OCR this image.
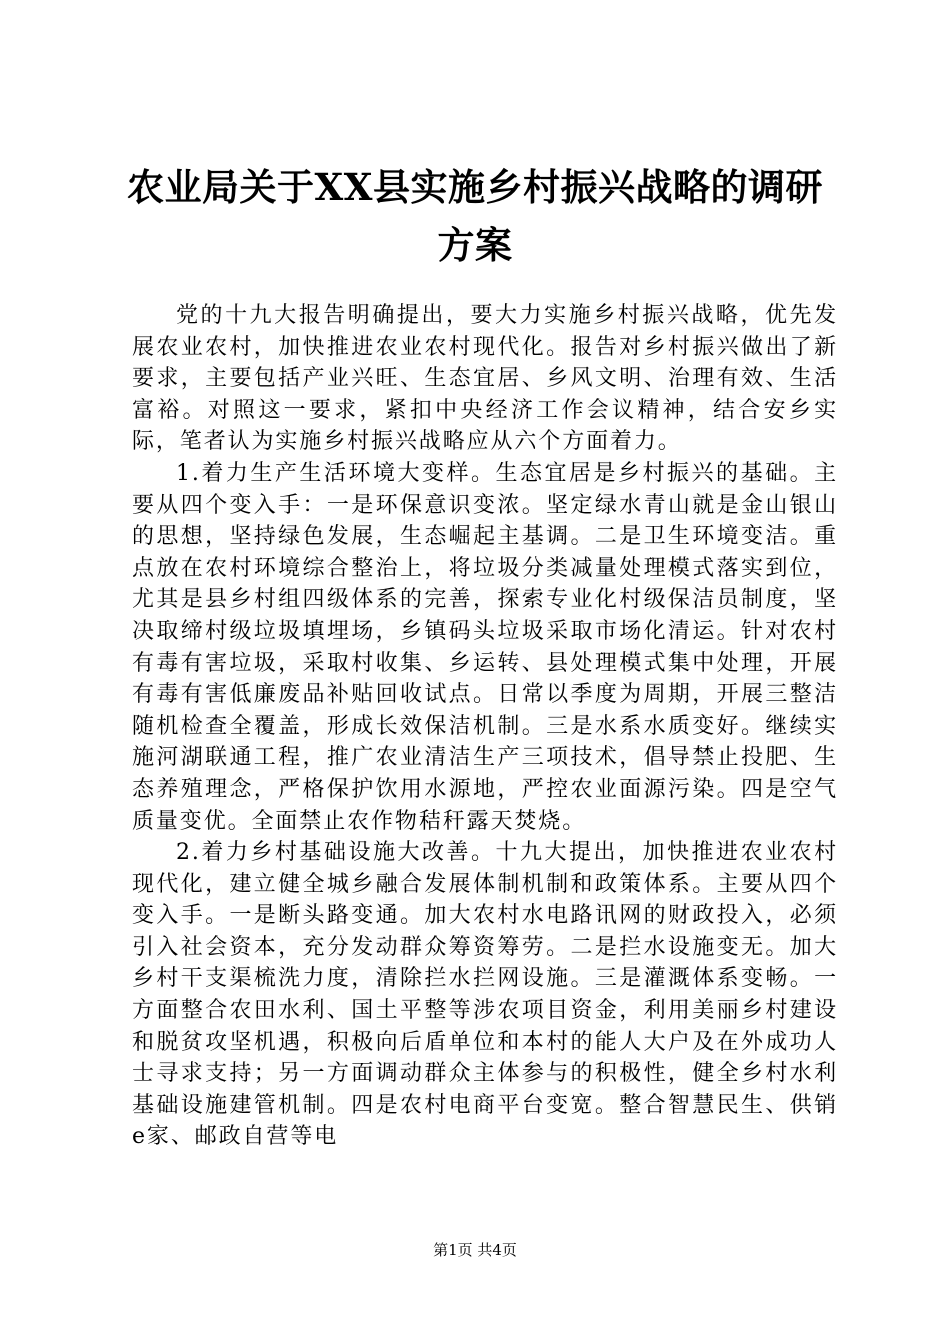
农业局关于XX县实施乡村振兴战略的调研方案

党的十九大报告明确提出，要大力实施乡村振兴战略，优先发展农业农村，加快推进农业农村现代化。报告对乡村振兴做出了新要求，主要包括产业兴旺、生态宜居、乡风文明、治理有效、生活富裕。对照这一要求，紧扣中央经济工作会议精神，结合安乡实际，笔者认为实施乡村振兴战略应从六个方面着力。

1.着力生产生活环境大变样。生态宜居是乡村振兴的基础。主要从四个变入手：一是环保意识变浓。坚定绿水青山就是金山银山的思想，坚持绿色发展，生态崛起主基调。二是卫生环境变洁。重点放在农村环境综合整治上，将垃圾分类减量处理模式落实到位，尤其是县乡村组四级体系的完善，探索专业化村级保洁员制度，坚决取缔村级垃圾填埋场，乡镇码头垃圾采取市场化清运。针对农村有毒有害垃圾，采取村收集、乡运转、县处理模式集中处理，开展有毒有害低廉废品补贴回收试点。日常以季度为周期，开展三整洁随机检查全覆盖，形成长效保洁机制。三是水系水质变好。继续实施河湖联通工程，推广农业清洁生产三项技术，倡导禁止投肥、生态养殖理念，严格保护饮用水源地，严控农业面源污染。四是空气质量变优。全面禁止农作物秸秆露天焚烧。

2.着力乡村基础设施大改善。十九大提出，加快推进农业农村现代化，建立健全城乡融合发展体制机制和政策体系。主要从四个变入手。一是断头路变通。加大农村水电路讯网的财政投入，必须引入社会资本，充分发动群众筹资筹劳。二是拦水设施变无。加大乡村干支渠梳洗力度，清除拦水拦网设施。三是灌溉体系变畅。一方面整合农田水利、国土平整等涉农项目资金，利用美丽乡村建设和脱贫攻坚机遇，积极向后盾单位和本村的能人大户及在外成功人士寻求支持；另一方面调动群众主体参与的积极性，健全乡村水利基础设施建管机制。四是农村电商平台变宽。整合智慧民生、供销e家、邮政自营等电

第1页 共4页
